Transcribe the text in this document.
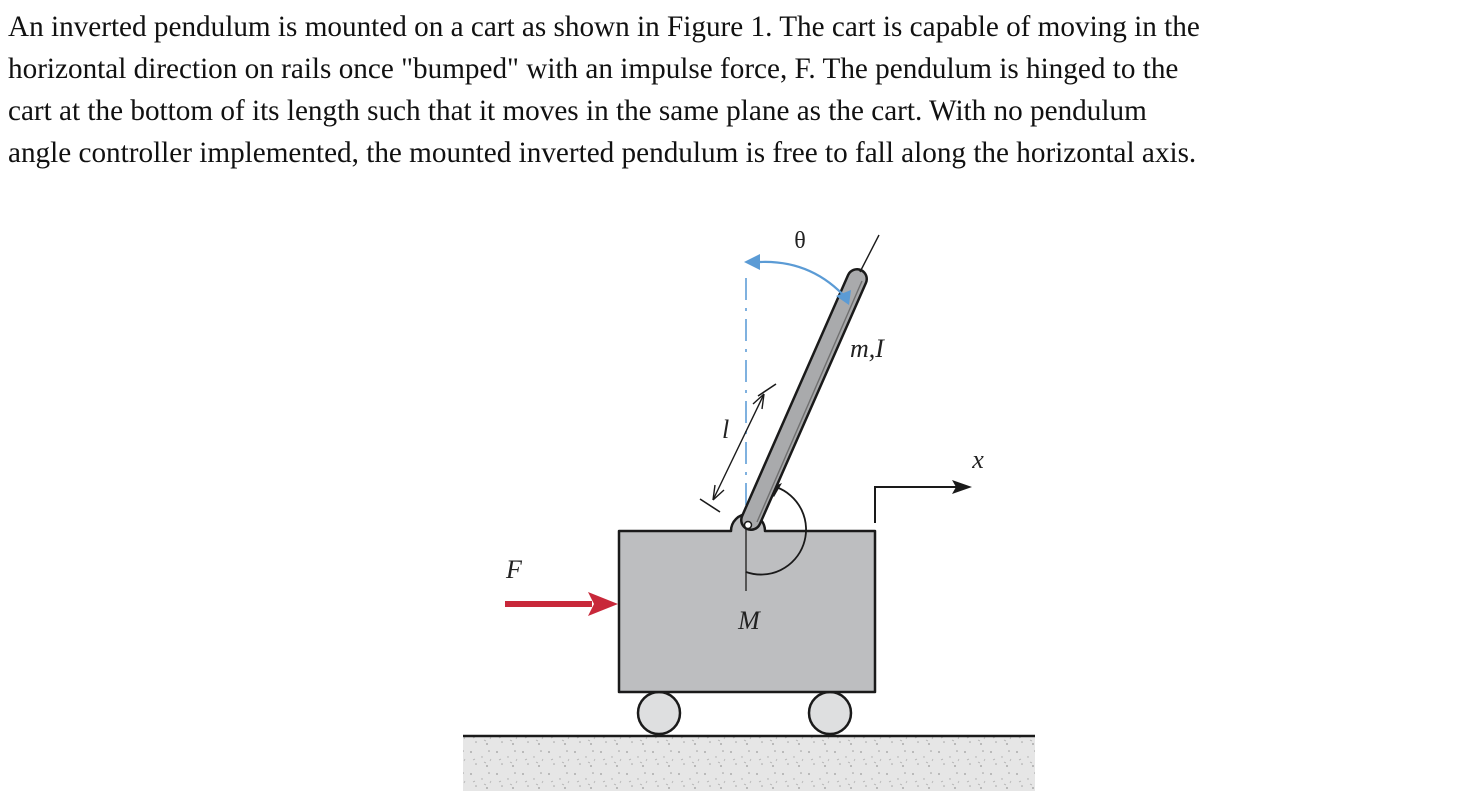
An inverted pendulum is mounted on a cart as shown in Figure 1. The cart is capable of moving in the
horizontal direction on rails once "bumped" with an impulse force, F. The pendulum is hinged to the
cart at the bottom of its length such that it moves in the same plane as the cart. With no pendulum
angle controller implemented, the mounted inverted pendulum is free to fall along the horizontal axis.

θ
m,I
l
x
F
M
